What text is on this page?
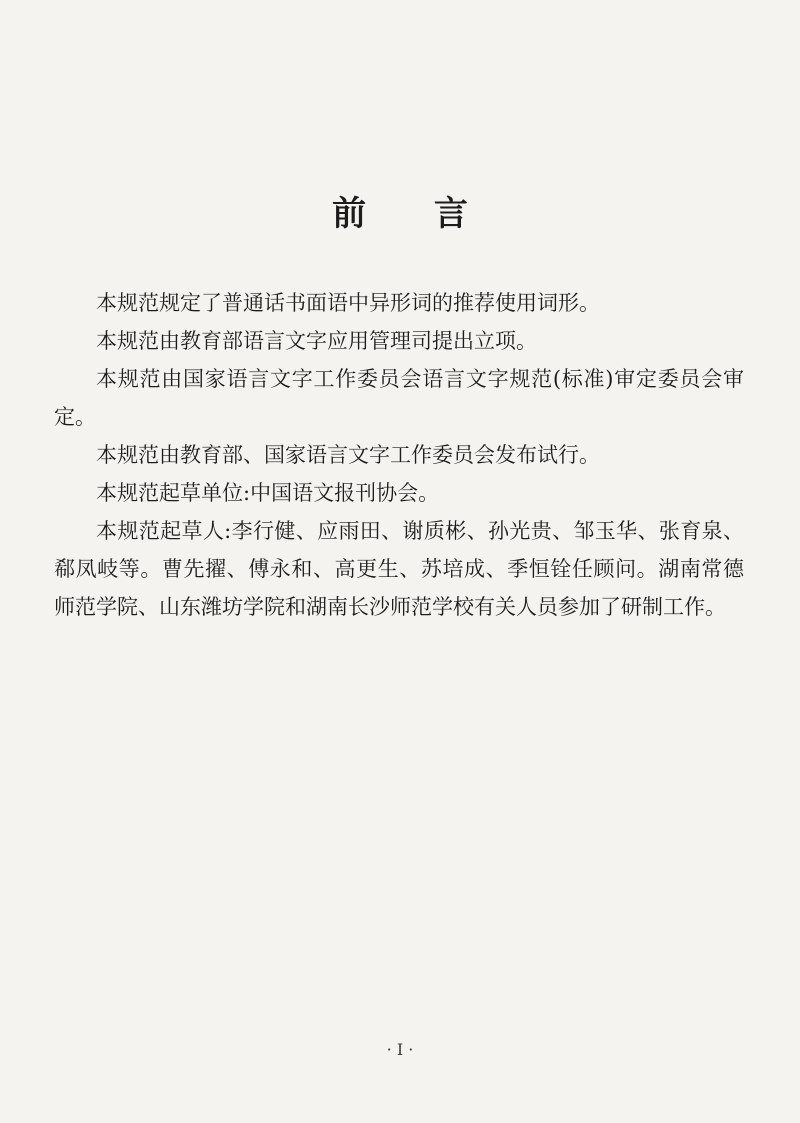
前 言

本规范规定了普通话书面语中异形词的推荐使用词形。

本规范由教育部语言文字应用管理司提出立项。

本规范由国家语言文字工作委员会语言文字规范(标准)审定委员会审定。

本规范由教育部、国家语言文字工作委员会发布试行。

本规范起草单位:中国语文报刊协会。

本规范起草人:李行健、应雨田、谢质彬、孙光贵、邹玉华、张育泉、郗凤岐等。曹先擢、傅永和、高更生、苏培成、季恒铨任顾问。湖南常德师范学院、山东潍坊学院和湖南长沙师范学校有关人员参加了研制工作。

· I ·
